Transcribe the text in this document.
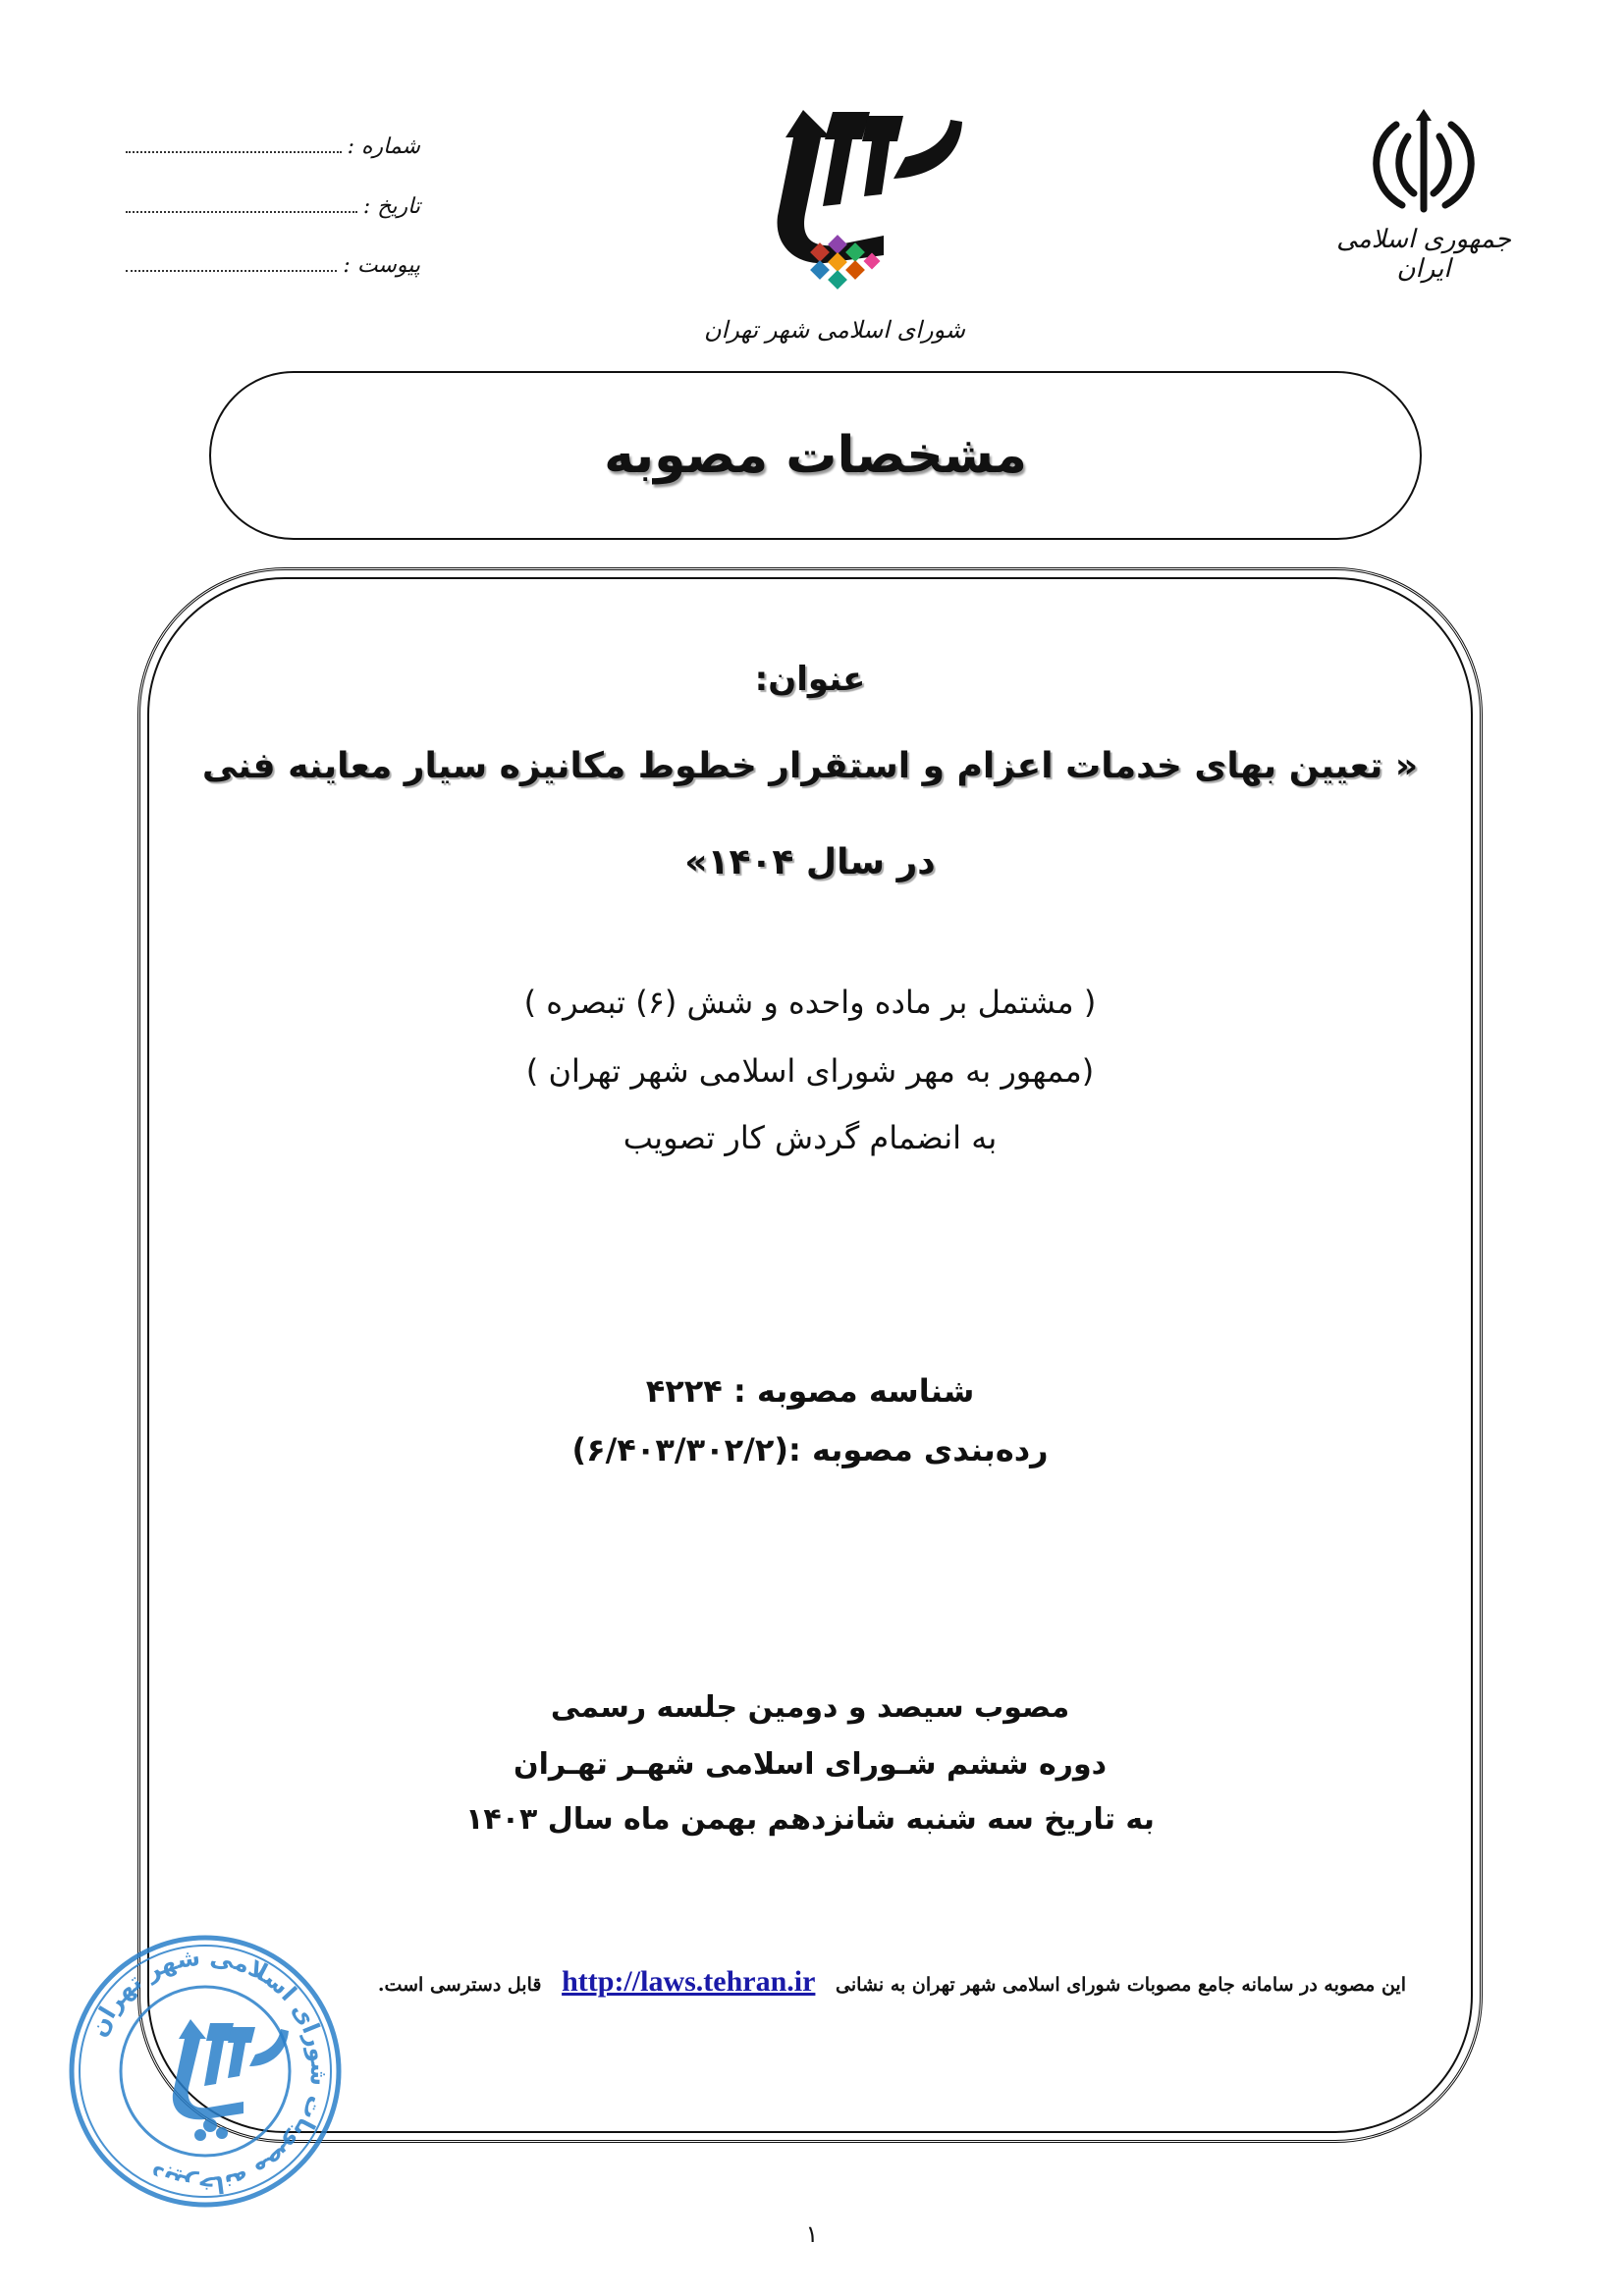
شماره :
تاریخ :
پیوست :
شورای اسلامی شهر تهران
جمهوری اسلامی ایران
مشخصات مصوبه
عنوان:
« تعیین بهای خدمات اعزام و استقرار خطوط مکانیزه سیار معاینه فنی
در سال ۱۴۰۴»
( مشتمل بر ماده واحده و شش (۶) تبصره )
(ممهور به مهر شورای اسلامی شهر تهران )
به انضمام گردش کار تصویب
شناسه مصوبه : ۴۲۲۴
رده‌بندی مصوبه :(۶/۴۰۳/۳۰۲/۲)
مصوب سیصد و دومین جلسه رسمی
دوره ششم شـورای اسلامی شهـر تهـران
به تاریخ سه شنبه شانزدهم بهمن ماه سال ۱۴۰۳
این مصوبه در سامانه جامع مصوبات شورای اسلامی شهر تهران به نشانی http://laws.tehran.ir قابل دسترسی است.
دبیرخانه مصوبات شورای اسلامی شهر تهران
۱
